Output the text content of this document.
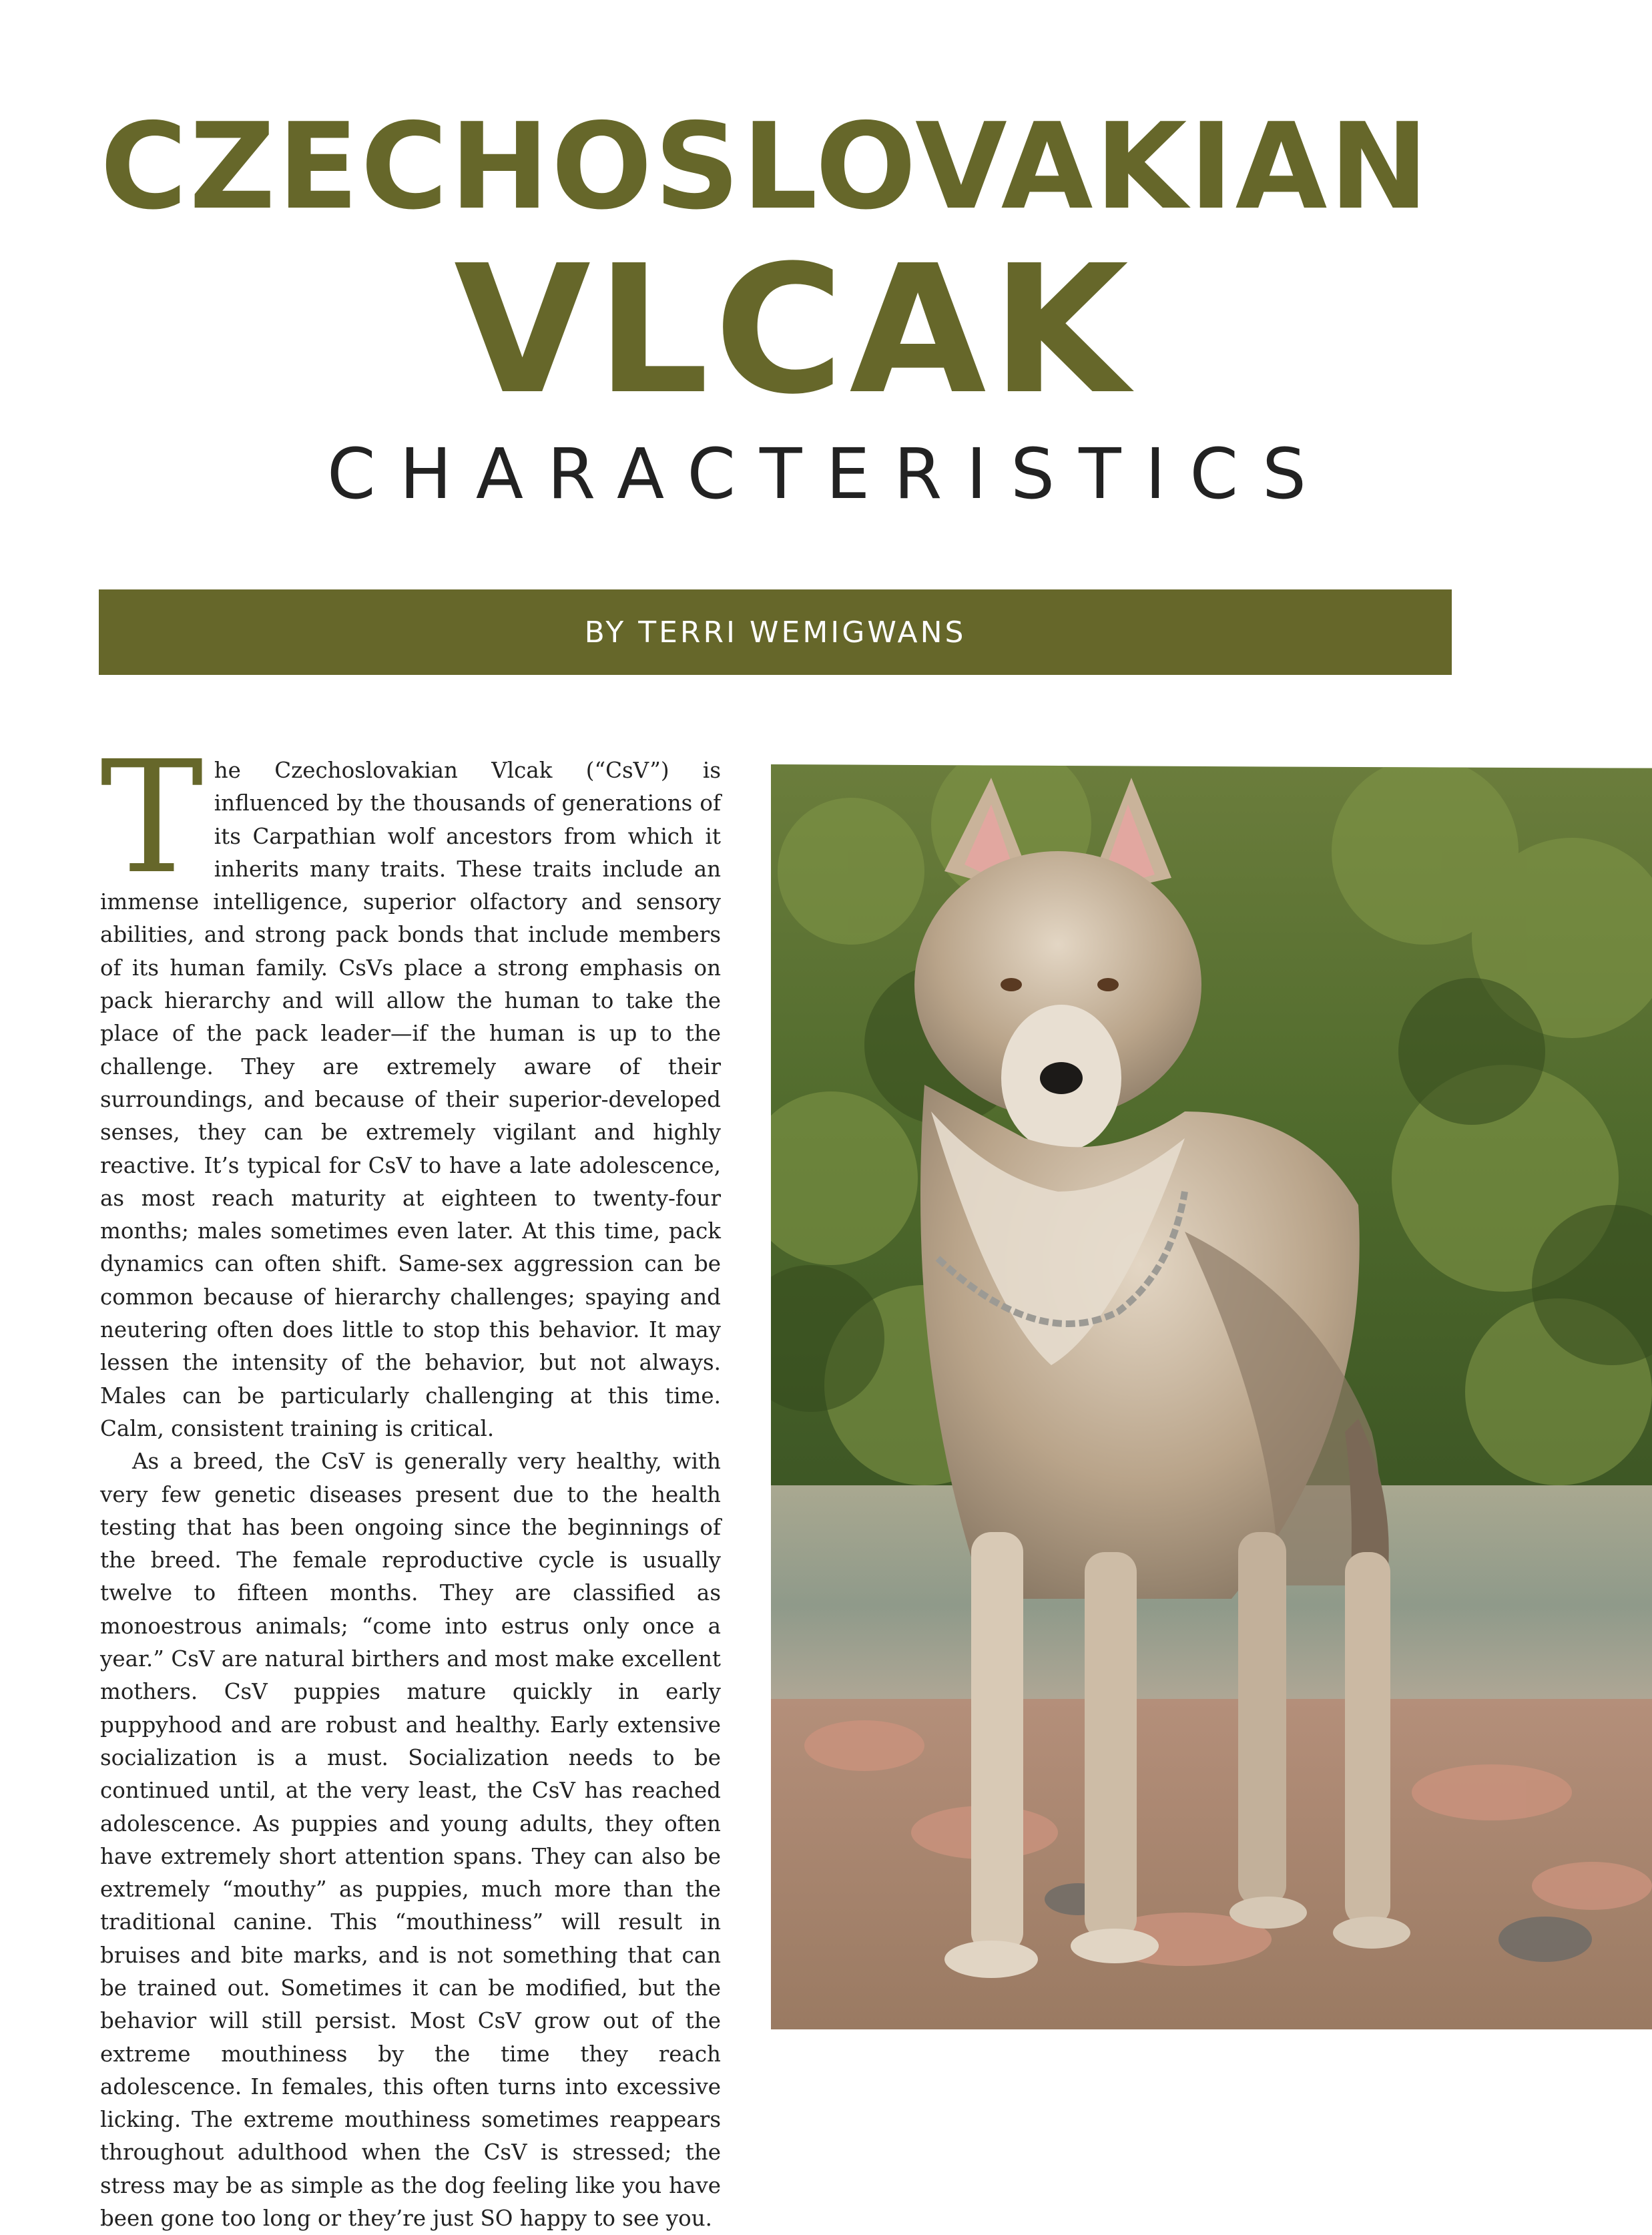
CZECHOSLOVAKIAN
VLCAK
CHARACTERISTICS
BY TERRI WEMIGWANS

The Czechoslovakian Vlcak (“CsV”) is influenced by the thousands of generations of its Carpathian wolf ancestors from which it inherits many traits. These traits include an immense intelligence, superior olfactory and sensory abilities, and strong pack bonds that include members of its human family. CsVs place a strong emphasis on pack hierarchy and will allow the human to take the place of the pack leader—if the human is up to the challenge. They are extremely aware of their surroundings, and because of their superior-developed senses, they can be extremely vigilant and highly reactive. It’s typical for CsV to have a late adolescence, as most reach maturity at eighteen to twenty-four months; males sometimes even later. At this time, pack dynamics can often shift. Same-sex aggression can be common because of hierarchy challenges; spaying and neutering often does little to stop this behavior. It may lessen the intensity of the behavior, but not always. Males can be particularly challenging at this time. Calm, consistent training is critical.

As a breed, the CsV is generally very healthy, with very few genetic diseases present due to the health testing that has been ongoing since the beginnings of the breed. The female reproductive cycle is usually twelve to fifteen months. They are classified as monoestrous animals; “come into estrus only once a year.” CsV are natural birthers and most make excellent mothers. CsV puppies mature quickly in early puppyhood and are robust and healthy. Early extensive socialization is a must. Socialization needs to be continued until, at the very least, the CsV has reached adolescence. As puppies and young adults, they often have extremely short attention spans. They can also be extremely “mouthy” as puppies, much more than the traditional canine. This “mouthiness” will result in bruises and bite marks, and is not something that can be trained out. Sometimes it can be modified, but the behavior will still persist. Most CsV grow out of the extreme mouthiness by the time they reach adolescence. In females, this often turns into excessive licking. The extreme mouthiness sometimes reappears throughout adulthood when the CsV is stressed; the stress may be as simple as the dog feeling like you have been gone too long or they’re just SO happy to see you.
